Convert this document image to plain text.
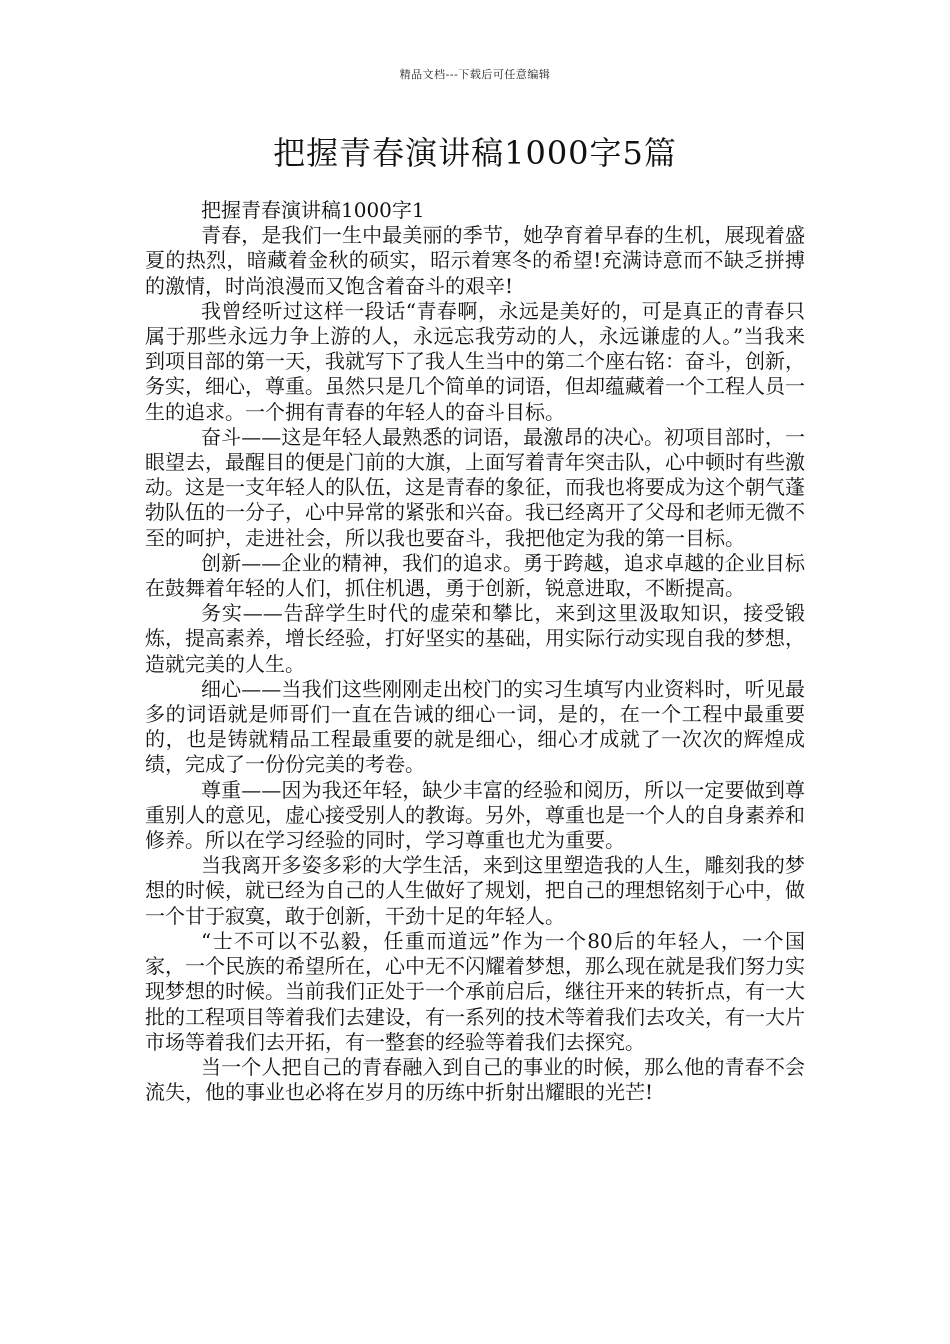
精品文档---下载后可任意编辑
把握青春演讲稿1000字5篇

把握青春演讲稿1000字1

青春，是我们一生中最美丽的季节，她孕育着早春的生机，展现着盛夏的热烈，暗藏着金秋的硕实，昭示着寒冬的希望!充满诗意而不缺乏拼搏的激情，时尚浪漫而又饱含着奋斗的艰辛!

我曾经听过这样一段话“青春啊，永远是美好的，可是真正的青春只属于那些永远力争上游的人，永远忘我劳动的人，永远谦虚的人。”当我来到项目部的第一天，我就写下了我人生当中的第二个座右铭：奋斗，创新，务实，细心，尊重。虽然只是几个简单的词语，但却蕴藏着一个工程人员一生的追求。一个拥有青春的年轻人的奋斗目标。

奋斗——这是年轻人最熟悉的词语，最激昂的决心。初项目部时，一眼望去，最醒目的便是门前的大旗，上面写着青年突击队，心中顿时有些激动。这是一支年轻人的队伍，这是青春的象征，而我也将要成为这个朝气蓬勃队伍的一分子，心中异常的紧张和兴奋。我已经离开了父母和老师无微不至的呵护，走进社会，所以我也要奋斗，我把他定为我的第一目标。

创新——企业的精神，我们的追求。勇于跨越，追求卓越的企业目标在鼓舞着年轻的人们，抓住机遇，勇于创新，锐意进取，不断提高。

务实——告辞学生时代的虚荣和攀比，来到这里汲取知识，接受锻炼，提高素养，增长经验，打好坚实的基础，用实际行动实现自我的梦想，造就完美的人生。

细心——当我们这些刚刚走出校门的实习生填写内业资料时，听见最多的词语就是师哥们一直在告诫的细心一词，是的，在一个工程中最重要的，也是铸就精品工程最重要的就是细心，细心才成就了一次次的辉煌成绩，完成了一份份完美的考卷。

尊重——因为我还年轻，缺少丰富的经验和阅历，所以一定要做到尊重别人的意见，虚心接受别人的教诲。另外，尊重也是一个人的自身素养和修养。所以在学习经验的同时，学习尊重也尤为重要。

当我离开多姿多彩的大学生活，来到这里塑造我的人生，雕刻我的梦想的时候，就已经为自己的人生做好了规划，把自己的理想铭刻于心中，做一个甘于寂寞，敢于创新，干劲十足的年轻人。

“士不可以不弘毅，任重而道远”作为一个80后的年轻人，一个国家，一个民族的希望所在，心中无不闪耀着梦想，那么现在就是我们努力实现梦想的时候。当前我们正处于一个承前启后，继往开来的转折点，有一大批的工程项目等着我们去建设，有一系列的技术等着我们去攻关，有一大片市场等着我们去开拓，有一整套的经验等着我们去探究。

当一个人把自己的青春融入到自己的事业的时候，那么他的青春不会流失，他的事业也必将在岁月的历练中折射出耀眼的光芒!
